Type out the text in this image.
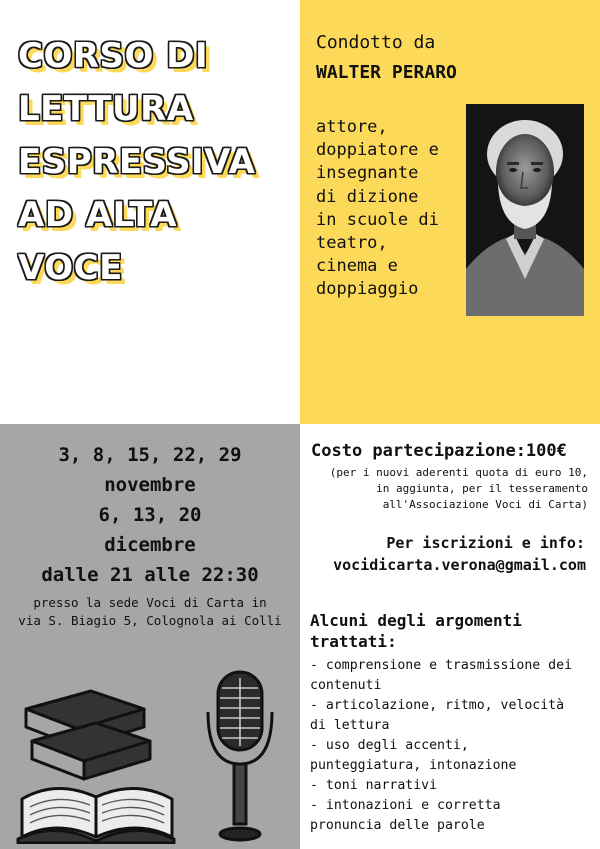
CORSO DI
LETTURA
ESPRESSIVA
AD ALTA
VOCE
Condotto da
WALTER PERARO
attore,
doppiatore e
insegnante
di dizione
in scuole di
teatro,
cinema e
doppiaggio
3, 8, 15, 22, 29
novembre
6, 13, 20
dicembre
dalle 21 alle 22:30
presso la sede Voci di Carta in
via S. Biagio 5, Colognola ai Colli
Costo partecipazione:100€
(per i nuovi aderenti quota di euro 10,
in aggiunta, per il tesseramento
all'Associazione Voci di Carta)
Per iscrizioni e info:
vocidicarta.verona@gmail.com
Alcuni degli argomenti trattati:
- comprensione e trasmissione dei
contenuti
- articolazione, ritmo, velocità
di lettura
- uso degli accenti,
punteggiatura, intonazione
- toni narrativi
- intonazioni e corretta
pronuncia delle parole
